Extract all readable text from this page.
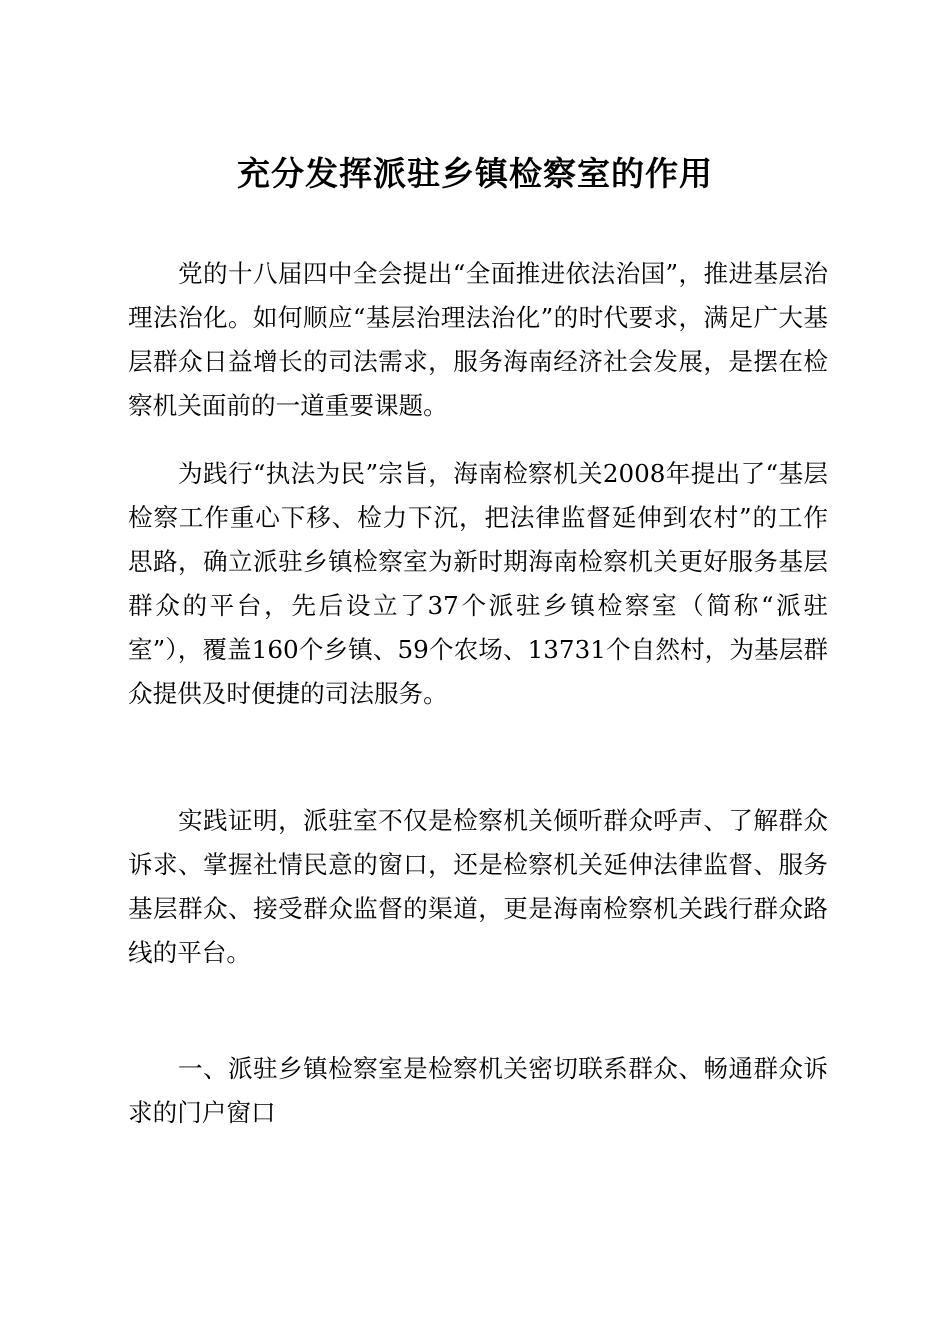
充分发挥派驻乡镇检察室的作用

党的十八届四中全会提出“全面推进依法治国”，推进基层治理法治化。如何顺应“基层治理法治化”的时代要求，满足广大基层群众日益增长的司法需求，服务海南经济社会发展，是摆在检察机关面前的一道重要课题。

为践行“执法为民”宗旨，海南检察机关2008年提出了“基层检察工作重心下移、检力下沉，把法律监督延伸到农村”的工作思路，确立派驻乡镇检察室为新时期海南检察机关更好服务基层群众的平台，先后设立了37个派驻乡镇检察室（简称“派驻室”），覆盖160个乡镇、59个农场、13731个自然村，为基层群众提供及时便捷的司法服务。

实践证明，派驻室不仅是检察机关倾听群众呼声、了解群众诉求、掌握社情民意的窗口，还是检察机关延伸法律监督、服务基层群众、接受群众监督的渠道，更是海南检察机关践行群众路线的平台。

一、派驻乡镇检察室是检察机关密切联系群众、畅通群众诉求的门户窗口
